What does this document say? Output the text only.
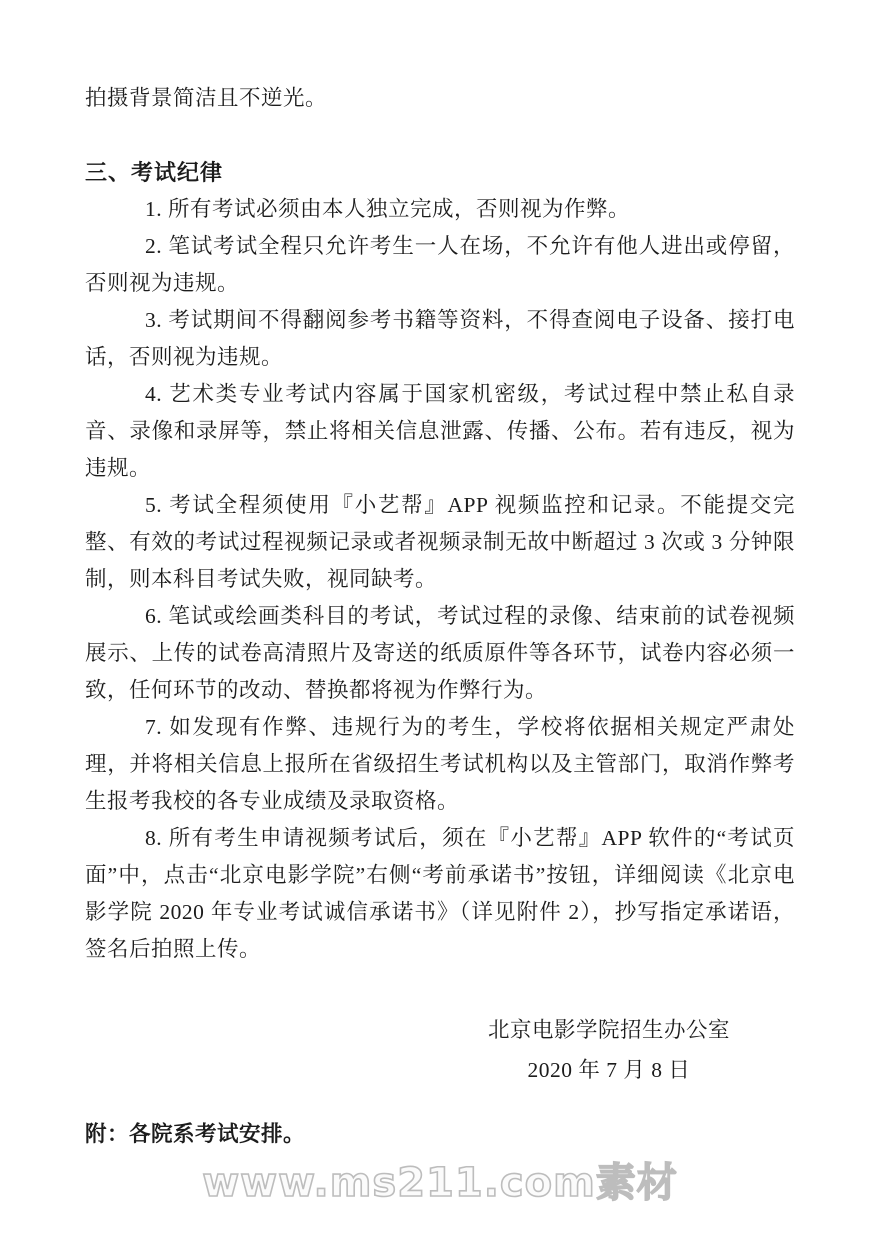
拍摄背景简洁且不逆光。

三、考试纪律

1. 所有考试必须由本人独立完成，否则视为作弊。

2. 笔试考试全程只允许考生一人在场，不允许有他人进出或停留，否则视为违规。

3. 考试期间不得翻阅参考书籍等资料，不得查阅电子设备、接打电话，否则视为违规。

4. 艺术类专业考试内容属于国家机密级，考试过程中禁止私自录音、录像和录屏等，禁止将相关信息泄露、传播、公布。若有违反，视为违规。

5. 考试全程须使用『小艺帮』APP 视频监控和记录。不能提交完整、有效的考试过程视频记录或者视频录制无故中断超过 3 次或 3 分钟限制，则本科目考试失败，视同缺考。

6. 笔试或绘画类科目的考试，考试过程的录像、结束前的试卷视频展示、上传的试卷高清照片及寄送的纸质原件等各环节，试卷内容必须一致，任何环节的改动、替换都将视为作弊行为。

7. 如发现有作弊、违规行为的考生，学校将依据相关规定严肃处理，并将相关信息上报所在省级招生考试机构以及主管部门，取消作弊考生报考我校的各专业成绩及录取资格。

8. 所有考生申请视频考试后，须在『小艺帮』APP 软件的“考试页面”中，点击“北京电影学院”右侧“考前承诺书”按钮，详细阅读《北京电影学院 2020 年专业考试诚信承诺书》（详见附件 2），抄写指定承诺语，签名后拍照上传。

北京电影学院招生办公室

2020 年 7 月 8 日

附：各院系考试安排。

www.ms211.com素材
